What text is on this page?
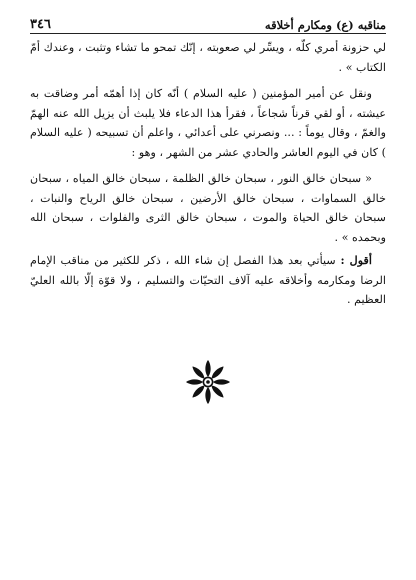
٣٤٦	مناقبه (ع) ومكارم أخلاقه

لي حزونة أمري كلّه ، ويسِّر لي صعوبته ، إنّك تمحو ما تشاء وتثبت ، وعندك أمّ الكتاب » .

ونقل عن أمير المؤمنين ( عليه السلام ) أنّه كان إذا أهمّه أمر وضاقت به عيشته ، أو لقي قرناً شجاعاً ، فقرأ هذا الدعاء فلا يلبث أن يزيل الله عنه الهمّ والغمّ ، وقال يوماً : ... ونصرني على أعدائي ، واعلم أن تسبيحه ( عليه السلام ) كان في اليوم العاشر والحادي عشر من الشهر ، وهو :

« سبحان خالق النور ، سبحان خالق الظلمة ، سبحان خالق المياه ، سبحان خالق السماوات ، سبحان خالق الأرضين ، سبحان خالق الرياح والنبات ، سبحان خالق الحياة والموت ، سبحان خالق الثرى والفلوات ، سبحان الله وبحمده » .

أقول : سيأتي بعد هذا الفصل إن شاء الله ، ذكر للكثير من مناقب الإمام الرضا ومكارمه وأخلاقه عليه آلاف التحيّات والتسليم ، ولا قوّة إلّا بالله العليّ العظيم .
